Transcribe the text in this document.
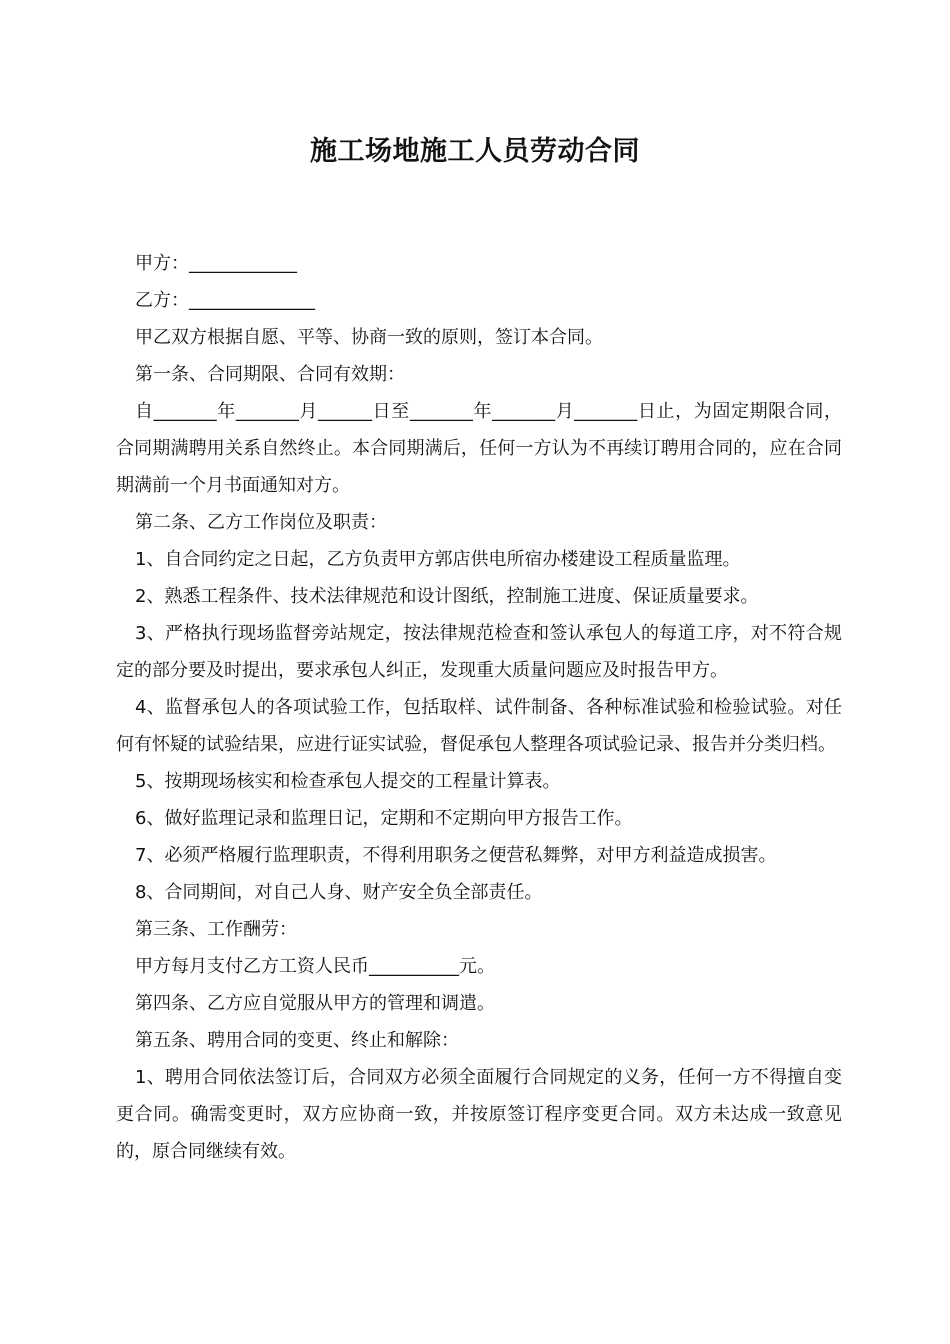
施工场地施工人员劳动合同

甲方：____________

乙方：______________

甲乙双方根据自愿、平等、协商一致的原则，签订本合同。

第一条、合同期限、合同有效期：

自_______年_______月______日至_______年_______月_______日止，为固定期限合同，合同期满聘用关系自然终止。本合同期满后，任何一方认为不再续订聘用合同的，应在合同期满前一个月书面通知对方。

第二条、乙方工作岗位及职责：

1、自合同约定之日起，乙方负责甲方郭店供电所宿办楼建设工程质量监理。

2、熟悉工程条件、技术法律规范和设计图纸，控制施工进度、保证质量要求。

3、严格执行现场监督旁站规定，按法律规范检查和签认承包人的每道工序，对不符合规定的部分要及时提出，要求承包人纠正，发现重大质量问题应及时报告甲方。

4、监督承包人的各项试验工作，包括取样、试件制备、各种标准试验和检验试验。对任何有怀疑的试验结果，应进行证实试验，督促承包人整理各项试验记录、报告并分类归档。

5、按期现场核实和检查承包人提交的工程量计算表。

6、做好监理记录和监理日记，定期和不定期向甲方报告工作。

7、必须严格履行监理职责，不得利用职务之便营私舞弊，对甲方利益造成损害。

8、合同期间，对自己人身、财产安全负全部责任。

第三条、工作酬劳：

甲方每月支付乙方工资人民币__________元。

第四条、乙方应自觉服从甲方的管理和调遣。

第五条、聘用合同的变更、终止和解除：

1、聘用合同依法签订后，合同双方必须全面履行合同规定的义务，任何一方不得擅自变更合同。确需变更时，双方应协商一致，并按原签订程序变更合同。双方未达成一致意见的，原合同继续有效。
